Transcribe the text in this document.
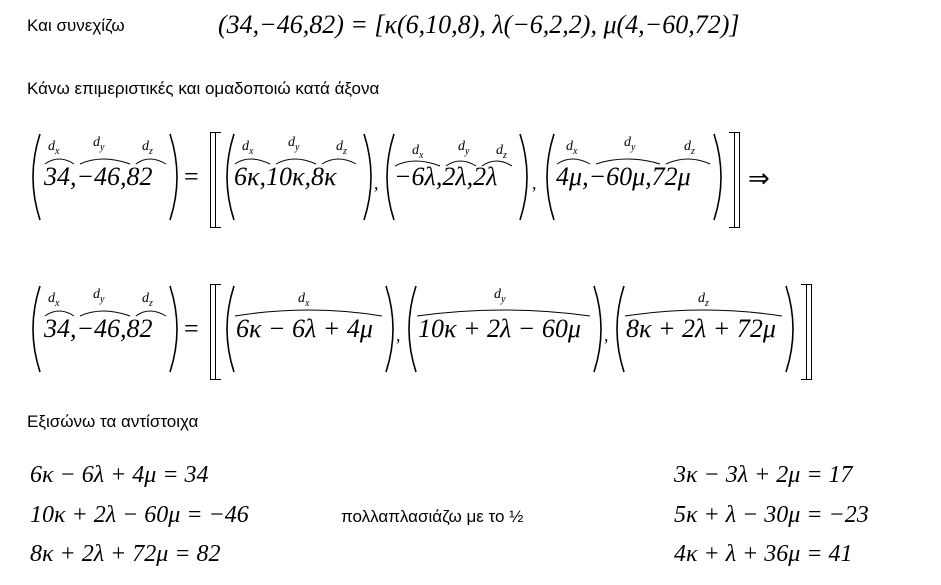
Και συνεχίζω	(34,−46,82) = [κ(6,10,8), λ(−6,2,2), μ(4,−60,72)]
Κάνω επιμεριστικές και ομαδοποιώ κατά άξονα
$d_x$
$d_y$	$d_z$
34,−46,82 =
$d_x$
$d_y$	$d_z$
6κ,10κ,8κ ,
$d_x$
$d_y$ $d_z$
−6λ,2λ,2λ ,
$d_x$
$d_y$	$d_z$
4μ,−60μ,72μ ⇒
$d_x$
$d_y$	$d_z$
34,−46,82 =
$d_x$
6κ − 6λ + 4μ ,
$d_y$
10κ + 2λ − 60μ ,
$d_z$
8κ + 2λ + 72μ
Εξισώνω τα αντίστοιχα
6κ − 6λ + 4μ = 34
10κ + 2λ − 60μ = −46
8κ + 2λ + 72μ = 82
πολλαπλασιάζω με το ½
3κ − 3λ + 2μ = 17
5κ + λ − 30μ = −23
4κ + λ + 36μ = 41
